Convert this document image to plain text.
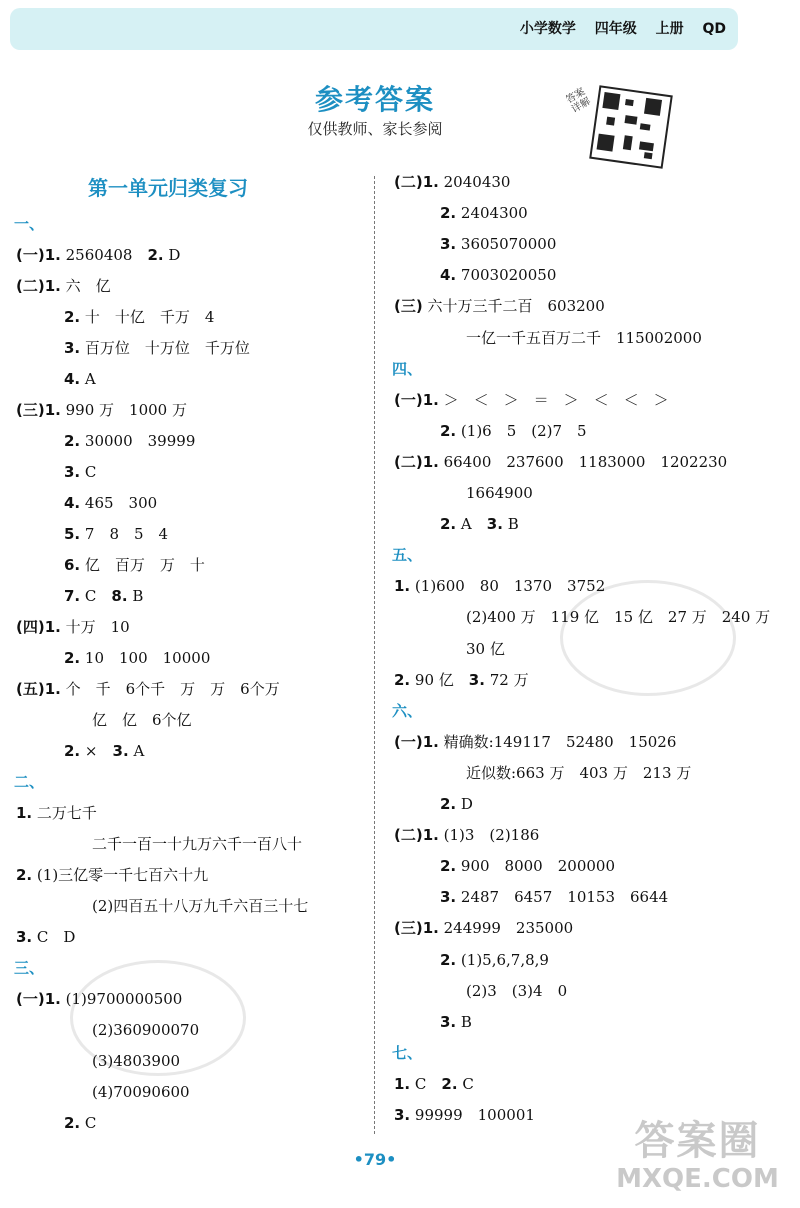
小学数学 四年级 上册 QD
参考答案
仅供教师、家长参阅
答案详解
第一单元归类复习
一、
(一)1. 2560408　 2. D
(二)1. 六　亿
2. 十　十亿　千万　4
3. 百万位　十万位　千万位
4. A
(三)1. 990 万　1000 万
2. 30000　39999
3. C
4. 465　300
5. 7　8　5　4
6. 亿　百万　万　十
7. C　 8. B
(四)1. 十万　10
2. 10　100　10000
(五)1. 个　千　6个千　万　万　6个万
亿　亿　6个亿
2. ×　 3. A
二、
1. 二万七千
二千一百一十九万六千一百八十
2. (1)三亿零一千七百六十九
(2)四百五十八万九千六百三十七
3. C　D
三、
(一)1. (1)9700000500
(2)360900070
(3)4803900
(4)70090600
2. C
(二)1. 2040430
2. 2404300
3. 3605070000
4. 7003020050
(三) 六十万三千二百　603200
一亿一千五百万二千　115002000
四、
(一)1. ＞　＜　＞　＝　＞　＜　＜　＞
2. (1)6　5　(2)7　5
(二)1. 66400　237600　1183000　1202230
1664900
2. A　 3. B
五、
1. (1)600　80　1370　3752
(2)400 万　119 亿　15 亿　27 万　240 万
30 亿
2. 90 亿　 3. 72 万
六、
(一)1. 精确数:149117　52480　15026
近似数:663 万　403 万　213 万
2. D
(二)1. (1)3　(2)186
2. 900　8000　200000
3. 2487　6457　10153　6644
(三)1. 244999　235000
2. (1)5,6,7,8,9
(2)3　(3)4　0
3. B
七、
1. C　 2. C
3. 99999　100001
•79•	答案圈
MXQE.COM
